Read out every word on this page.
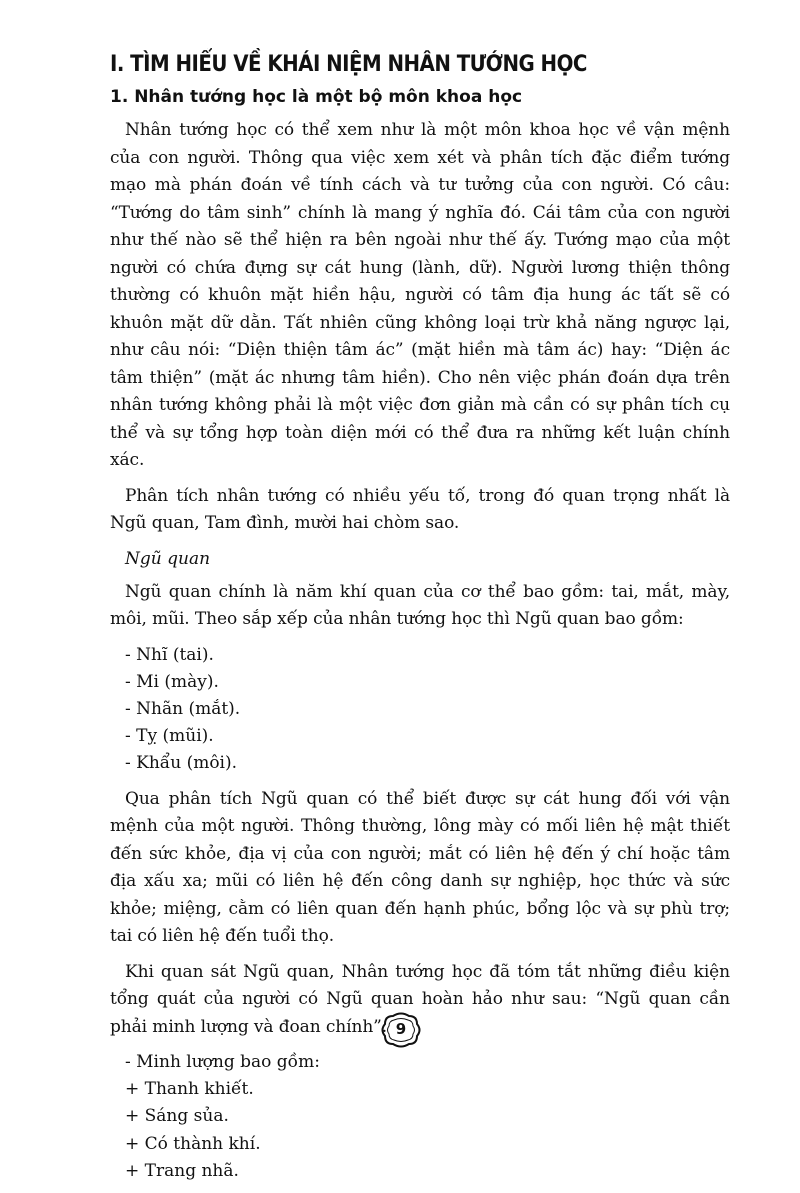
I. TÌM HIỂU VỀ KHÁI NIỆM NHÂN TƯỚNG HỌC
1. Nhân tướng học là một bộ môn khoa học

Nhân tướng học có thể xem như là một môn khoa học về vận mệnh của con người. Thông qua việc xem xét và phân tích đặc điểm tướng mạo mà phán đoán về tính cách và tư tưởng của con người. Có câu: “Tướng do tâm sinh” chính là mang ý nghĩa đó. Cái tâm của con người như thế nào sẽ thể hiện ra bên ngoài như thế ấy. Tướng mạo của một người có chứa đựng sự cát hung (lành, dữ). Người lương thiện thông thường có khuôn mặt hiền hậu, người có tâm địa hung ác tất sẽ có khuôn mặt dữ dằn. Tất nhiên cũng không loại trừ khả năng ngược lại, như câu nói: “Diện thiện tâm ác” (mặt hiền mà tâm ác) hay: “Diện ác tâm thiện” (mặt ác nhưng tâm hiền). Cho nên việc phán đoán dựa trên nhân tướng không phải là một việc đơn giản mà cần có sự phân tích cụ thể và sự tổng hợp toàn diện mới có thể đưa ra những kết luận chính xác.

Phân tích nhân tướng có nhiều yếu tố, trong đó quan trọng nhất là Ngũ quan, Tam đình, mười hai chòm sao.

Ngũ quan

Ngũ quan chính là năm khí quan của cơ thể bao gồm: tai, mắt, mày, môi, mũi. Theo sắp xếp của nhân tướng học thì Ngũ quan bao gồm:

- Nhĩ (tai).
- Mi (mày).
- Nhãn (mắt).
- Tỵ (mũi).
- Khẩu (môi).

Qua phân tích Ngũ quan có thể biết được sự cát hung đối với vận mệnh của một người. Thông thường, lông mày có mối liên hệ mật thiết đến sức khỏe, địa vị của con người; mắt có liên hệ đến ý chí hoặc tâm địa xấu xa; mũi có liên hệ đến công danh sự nghiệp, học thức và sức khỏe; miệng, cằm có liên quan đến hạnh phúc, bổng lộc và sự phù trợ; tai có liên hệ đến tuổi thọ.

Khi quan sát Ngũ quan, Nhân tướng học đã tóm tắt những điều kiện tổng quát của người có Ngũ quan hoàn hảo như sau: “Ngũ quan cần phải minh lượng và đoan chính”.

- Minh lượng bao gồm:
+ Thanh khiết.
+ Sáng sủa.
+ Có thành khí.
+ Trang nhã.
9
